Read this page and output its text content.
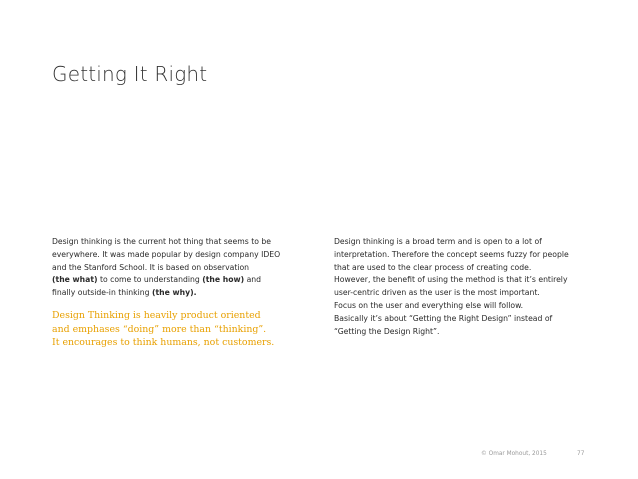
Getting It Right
Design thinking is the current hot thing that seems to be
everywhere. It was made popular by design company IDEO
and the Stanford School. It is based on observation
(the what) to come to understanding (the how) and
finally outside-in thinking (the why).
Design Thinking is heavily product oriented
and emphases “doing” more than “thinking”.
It encourages to think humans, not customers.
Design thinking is a broad term and is open to a lot of
interpretation. Therefore the concept seems fuzzy for people
that are used to the clear process of creating code.
However, the benefit of using the method is that it’s entirely
user-centric driven as the user is the most important.
Focus on the user and everything else will follow.
Basically it’s about “Getting the Right Design” instead of
“Getting the Design Right”.
© Omar Mohout, 2015	77
